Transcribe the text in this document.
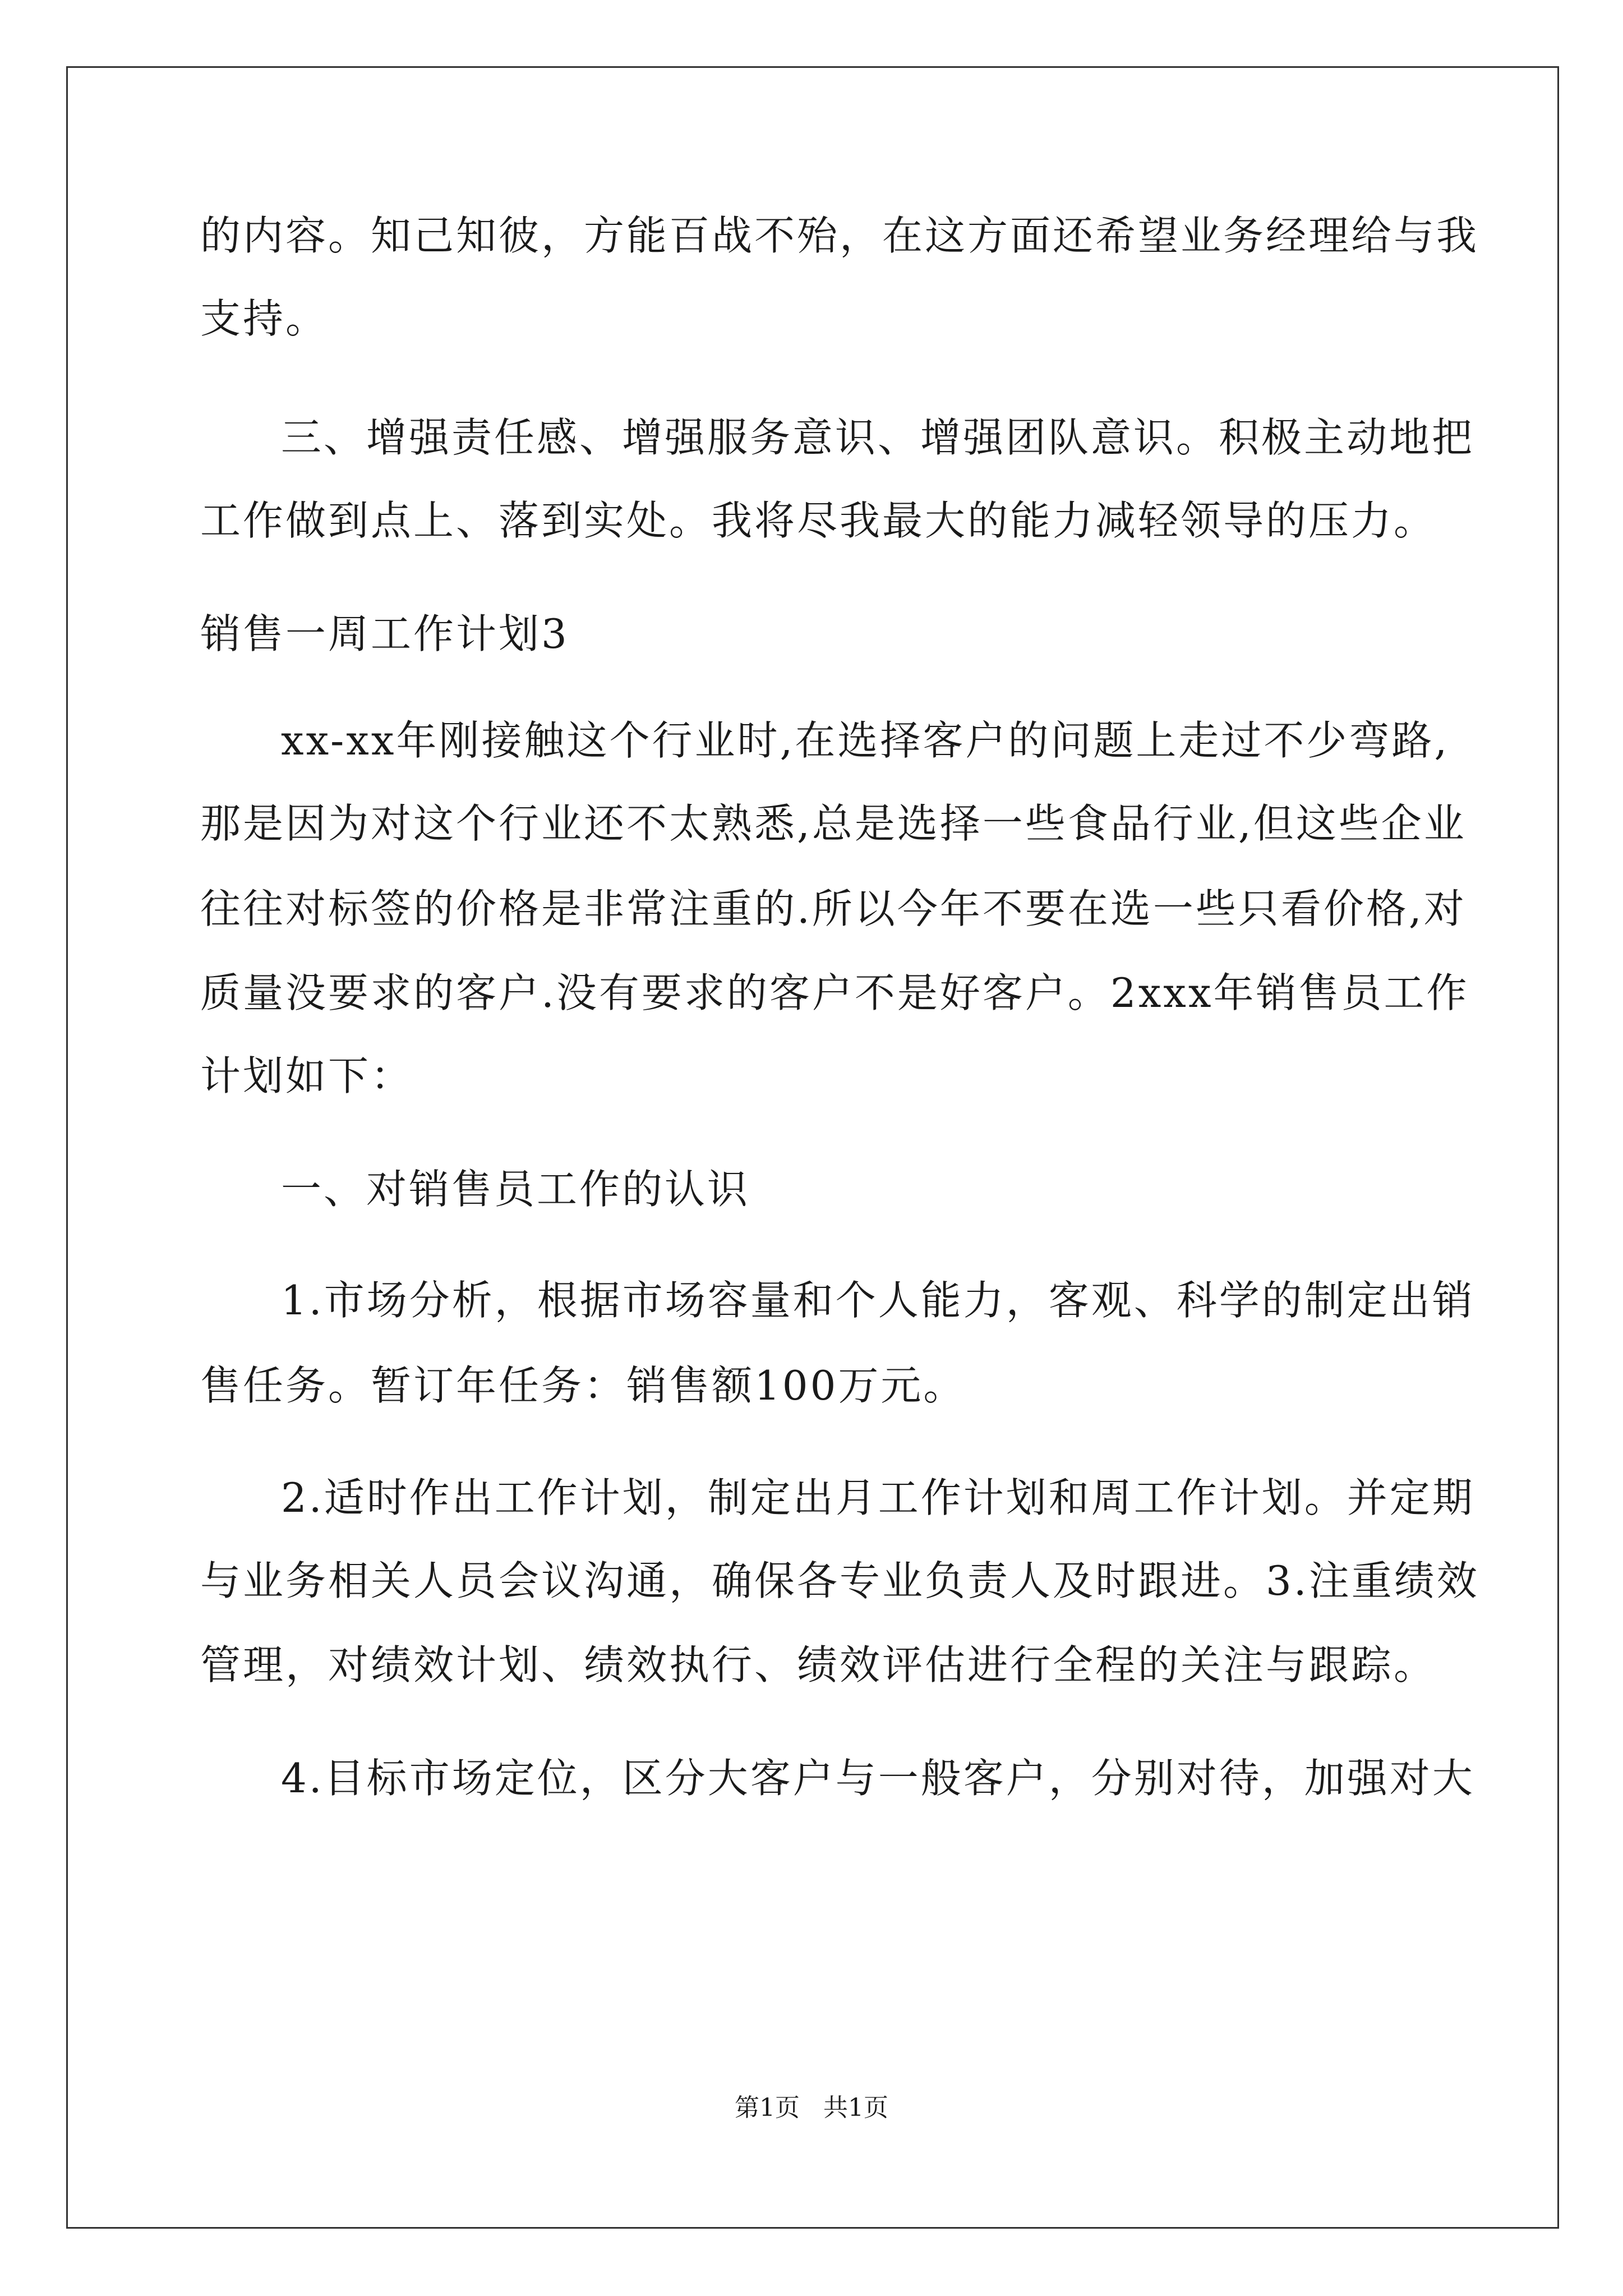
的内容。知己知彼，方能百战不殆，在这方面还希望业务经理给与我
支持。
三、增强责任感、增强服务意识、增强团队意识。积极主动地把
工作做到点上、落到实处。我将尽我最大的能力减轻领导的压力。
销售一周工作计划3
xx-xx年刚接触这个行业时,在选择客户的问题上走过不少弯路,
那是因为对这个行业还不太熟悉,总是选择一些食品行业,但这些企业
往往对标签的价格是非常注重的.所以今年不要在选一些只看价格,对
质量没要求的客户.没有要求的客户不是好客户。2xxx年销售员工作
计划如下：
一、对销售员工作的认识
1.市场分析，根据市场容量和个人能力，客观、科学的制定出销
售任务。暂订年任务：销售额100万元。
2.适时作出工作计划，制定出月工作计划和周工作计划。并定期
与业务相关人员会议沟通，确保各专业负责人及时跟进。3.注重绩效
管理，对绩效计划、绩效执行、绩效评估进行全程的关注与跟踪。
4.目标市场定位，区分大客户与一般客户，分别对待，加强对大
第1页 共1页
